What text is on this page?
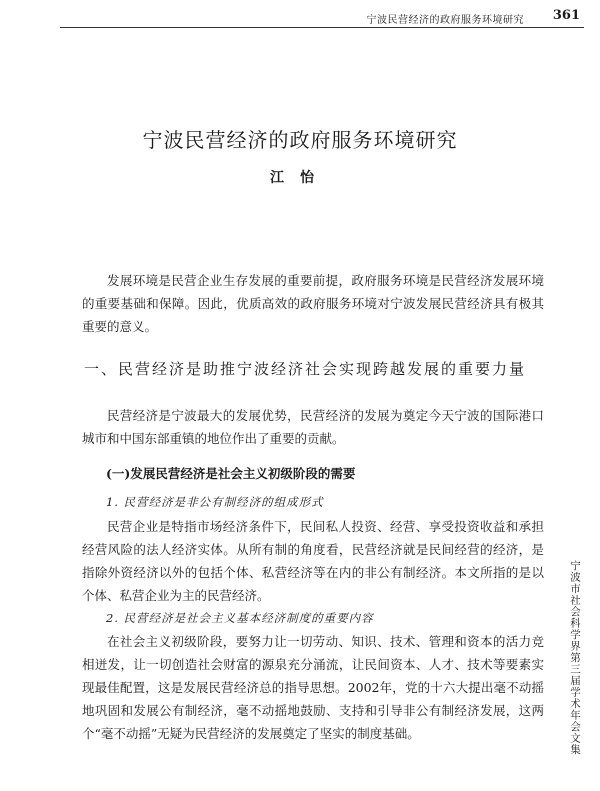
宁波民营经济的政府服务环境研究 361
宁波民营经济的政府服务环境研究
江怡

发展环境是民营企业生存发展的重要前提，政府服务环境是民营经济发展环境的重要基础和保障。因此，优质高效的政府服务环境对宁波发展民营经济具有极其重要的意义。

一、民营经济是助推宁波经济社会实现跨越发展的重要力量

民营经济是宁波最大的发展优势，民营经济的发展为奠定今天宁波的国际港口城市和中国东部重镇的地位作出了重要的贡献。

(一)发展民营经济是社会主义初级阶段的需要
1. 民营经济是非公有制经济的组成形式

民营企业是特指市场经济条件下，民间私人投资、经营、享受投资收益和承担经营风险的法人经济实体。从所有制的角度看，民营经济就是民间经营的经济，是指除外资经济以外的包括个体、私营经济等在内的非公有制经济。本文所指的是以个体、私营企业为主的民营经济。

2. 民营经济是社会主义基本经济制度的重要内容

在社会主义初级阶段，要努力让一切劳动、知识、技术、管理和资本的活力竞相迸发，让一切创造社会财富的源泉充分涌流，让民间资本、人才、技术等要素实现最佳配置，这是发展民营经济总的指导思想。2002年，党的十六大提出毫不动摇地巩固和发展公有制经济，毫不动摇地鼓励、支持和引导非公有制经济发展，这两个“毫不动摇”无疑为民营经济的发展奠定了坚实的制度基础。	宁波市社会科学界第三届学术年会文集
